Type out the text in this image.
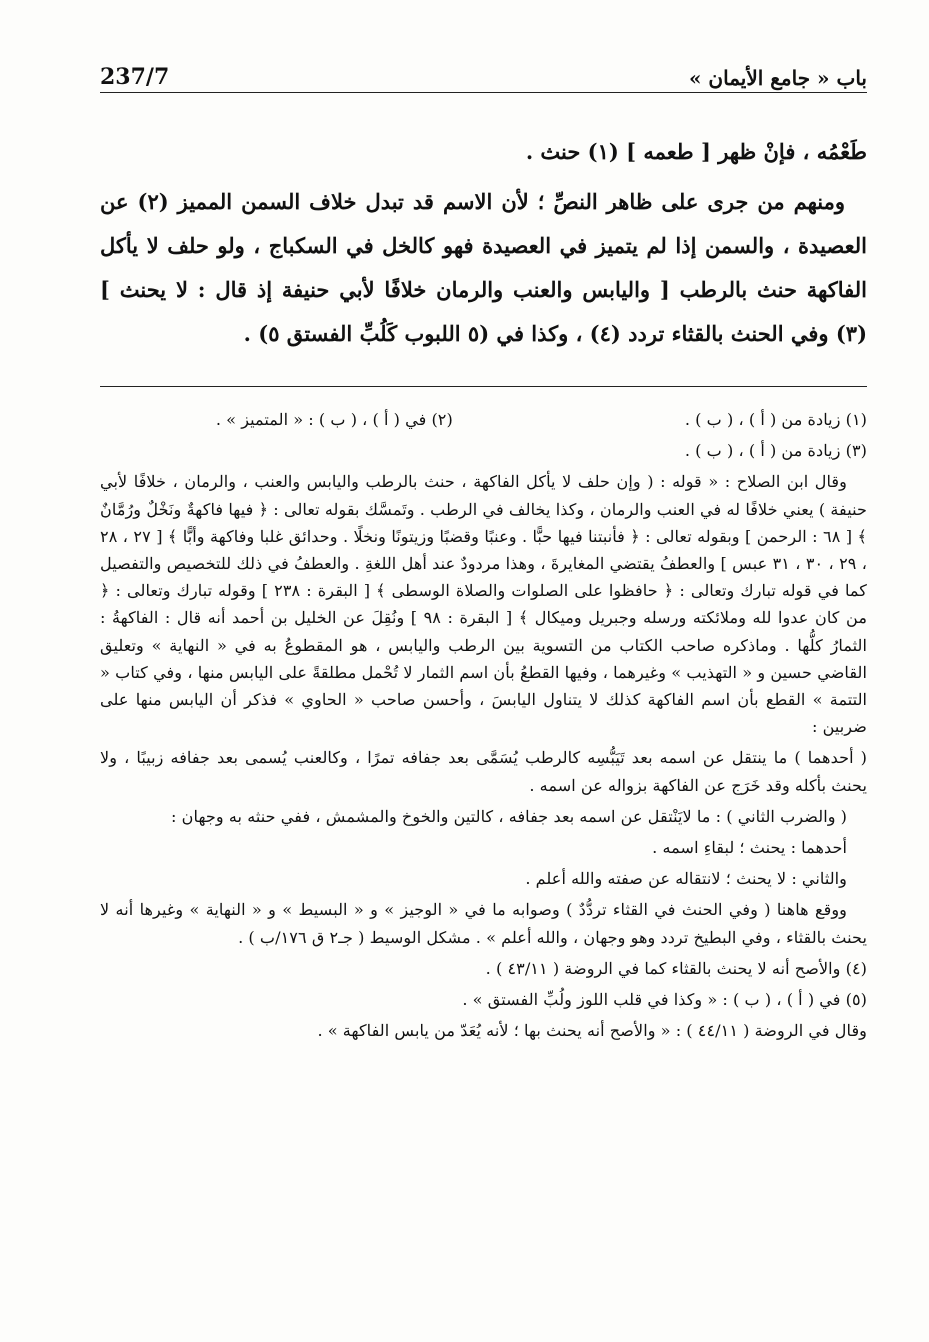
237/7	باب « جامع الأيمان »

طَعْمُه ، فإنْ ظهر [ طعمه ] (١) حنث .

ومنهم من جرى على ظاهر النصِّ ؛ لأن الاسم قد تبدل خلاف السمن المميز (٢) عن العصيدة ، والسمن إذا لم يتميز في العصيدة فهو كالخل في السكباج ، ولو حلف لا يأكل الفاكهة حنث بالرطب [ واليابس والعنب والرمان خلافًا لأبي حنيفة إذ قال : لا يحنث ] (٣) وفي الحنث بالقثاء تردد (٤) ، وكذا في (٥ اللبوب كَلُبِّ الفستق ٥) .

(١) زيادة من ( أ ) ، ( ب ) .
(٢) في ( أ ) ، ( ب ) : « المتميز » .

(٣) زيادة من ( أ ) ، ( ب ) .

وقال ابن الصلاح : « قوله : ( وإن حلف لا يأكل الفاكهة ، حنث بالرطب واليابس والعنب ، والرمان ، خلافًا لأبي حنيفة ) يعني خلافًا له في العنب والرمان ، وكذا يخالف في الرطب . وتَمسَّك بقوله تعالى : ﴿ فيها فاكهةٌ ونَخْلٌ ورُمَّانٌ ﴾ [ ٦٨ : الرحمن ] وبقوله تعالى : ﴿ فأنبتنا فيها حبًّا . وعنبًا وقضبًا وزيتونًا ونخلًا . وحدائق غلبا وفاكهة وأبًّا ﴾ [ ٢٧ ، ٢٨ ، ٢٩ ، ٣٠ ، ٣١ عبس ] والعطفُ يقتضي المغايرةَ ، وهذا مردودٌ عند أهل اللغةِ . والعطفُ في ذلك للتخصيص والتفصيل كما في قوله تبارك وتعالى : ﴿ حافظوا على الصلوات والصلاة الوسطى ﴾ [ البقرة : ٢٣٨ ] وقوله تبارك وتعالى : ﴿ من كان عدوا لله وملائكته ورسله وجبريل وميكال ﴾ [ البقرة : ٩٨ ] ونُقِلَ عن الخليل بن أحمد أنه قال : الفاكهةُ : الثمارُ كلُّها . وماذكره صاحب الكتاب من التسوية بين الرطب واليابس ، هو المقطوعُ به في « النهاية » وتعليق القاضي حسين و « التهذيب » وغيرهما ، وفيها القطعُ بأن اسم الثمار لا تُحْمل مطلقةً على اليابس منها ، وفي كتاب « التتمة » القطع بأن اسم الفاكهة كذلك لا يتناول اليابسَ ، وأحسن صاحب « الحاوي » فذكر أن اليابس منها على ضربين :

( أحدهما ) ما ينتقل عن اسمه بعد تَيَبُّسِه كالرطب يُسَمَّى بعد جفافه تمرًا ، وكالعنب يُسمى بعد جفافه زبيبًا ، ولا يحنث بأكله وقد خَرَج عن الفاكهة بزواله عن اسمه .

( والضرب الثاني ) : ما لايَنْتقل عن اسمه بعد جفافه ، كالتين والخوخ والمشمش ، ففي حنثه به وجهان :

أحدهما : يحنث ؛ لبقاءِ اسمه .

والثاني : لا يحنث ؛ لانتقاله عن صفته والله أعلم .

ووقع هاهنا ( وفي الحنث في القثاء تردُّدٌ ) وصوابه ما في « الوجيز » و « البسيط » و « النهاية » وغيرها أنه لا يحنث بالقثاء ، وفي البطيخ تردد وهو وجهان ، والله أعلم » . مشكل الوسيط ( جـ٢ ق ١٧٦/ب ) .

(٤) والأصح أنه لا يحنث بالقثاء كما في الروضة ( ٤٣/١١ ) .

(٥) في ( أ ) ، ( ب ) : « وكذا في قلب اللوز ولُبِّ الفستق » .

وقال في الروضة ( ٤٤/١١ ) : « والأصح أنه يحنث بها ؛ لأنه يُعَدّ من يابس الفاكهة » .
